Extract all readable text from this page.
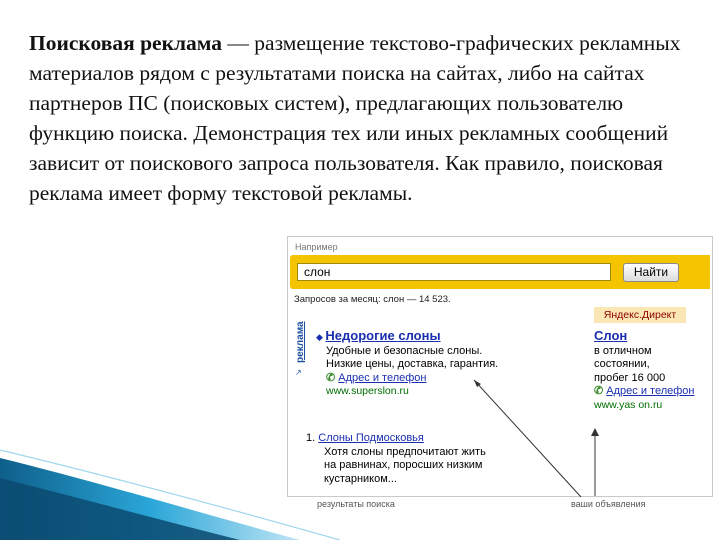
Поисковая реклама — размещение текстово-графических рекламных материалов рядом с результатами поиска на сайтах, либо на сайтах партнеров ПС (поисковых систем), предлагающих пользователю функцию поиска. Демонстрация тех или иных рекламных сообщений зависит от поискового запроса пользователя. Как правило, поисковая реклама имеет форму текстовой рекламы.
Например
слон	Найти
Запросов за месяц: слон — 14 523.
Яндекс.Директ
реклама
↗
◆ Недорогие слоны
Удобные и безопасные слоны.
Низкие цены, доставка, гарантия.
✆ Адрес и телефон
www.superslon.ru
Слон
в отличном
состоянии,
пробег 16 000
✆ Адрес и телефон
www.yas on.ru
1. Слоны Подмосковья
Хотя слоны предпочитают жить
на равнинах, поросших низким
кустарником...
результаты поиска	ваши объявления
